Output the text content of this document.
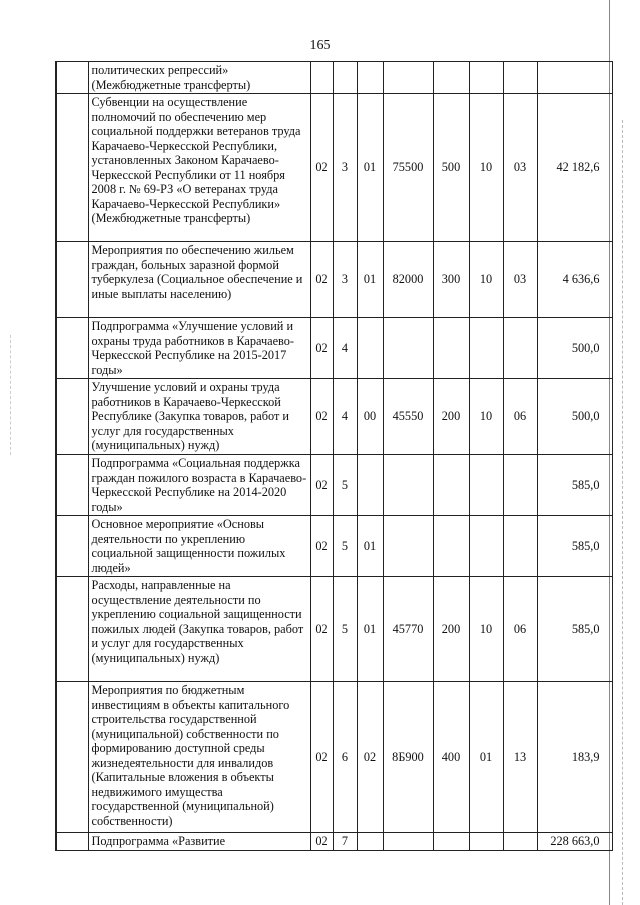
165
	политических репрессий» (Межбюджетные трансферты)								
	Субвенции на осуществление полномочий по обеспечению мер социальной поддержки ветеранов труда Карачаево-Черкесской Республики, установленных Законом Карачаево-Черкесской Республики от 11 ноября 2008 г. № 69-РЗ «О ветеранах труда Карачаево-Черкесской Республики» (Межбюджетные трансферты)	02	3	01	75500	500	10	03	42 182,6
	Мероприятия по обеспечению жильем граждан, больных заразной формой туберкулеза (Социальное обеспечение и иные выплаты населению)	02	3	01	82000	300	10	03	4 636,6
	Подпрограмма «Улучшение условий и охраны труда работников в Карачаево-Черкесской Республике на 2015-2017 годы»	02	4						500,0
	Улучшение условий и охраны труда работников в Карачаево-Черкесской Республике (Закупка товаров, работ и услуг для государственных (муниципальных) нужд)	02	4	00	45550	200	10	06	500,0
	Подпрограмма «Социальная поддержка граждан пожилого возраста в Карачаево-Черкесской Республике на 2014-2020 годы»	02	5						585,0
	Основное мероприятие «Основы деятельности по укреплению социальной защищенности пожилых людей»	02	5	01					585,0
	Расходы, направленные на осуществление деятельности по укреплению социальной защищенности пожилых людей (Закупка товаров, работ и услуг для государственных (муниципальных) нужд)	02	5	01	45770	200	10	06	585,0
	Мероприятия по бюджетным инвестициям в объекты капитального строительства государственной (муниципальной) собственности по формированию доступной среды жизнедеятельности для инвалидов (Капитальные вложения в объекты недвижимого имущества государственной (муниципальной) собственности)	02	6	02	8Б900	400	01	13	183,9
	Подпрограмма «Развитие	02	7						228 663,0
